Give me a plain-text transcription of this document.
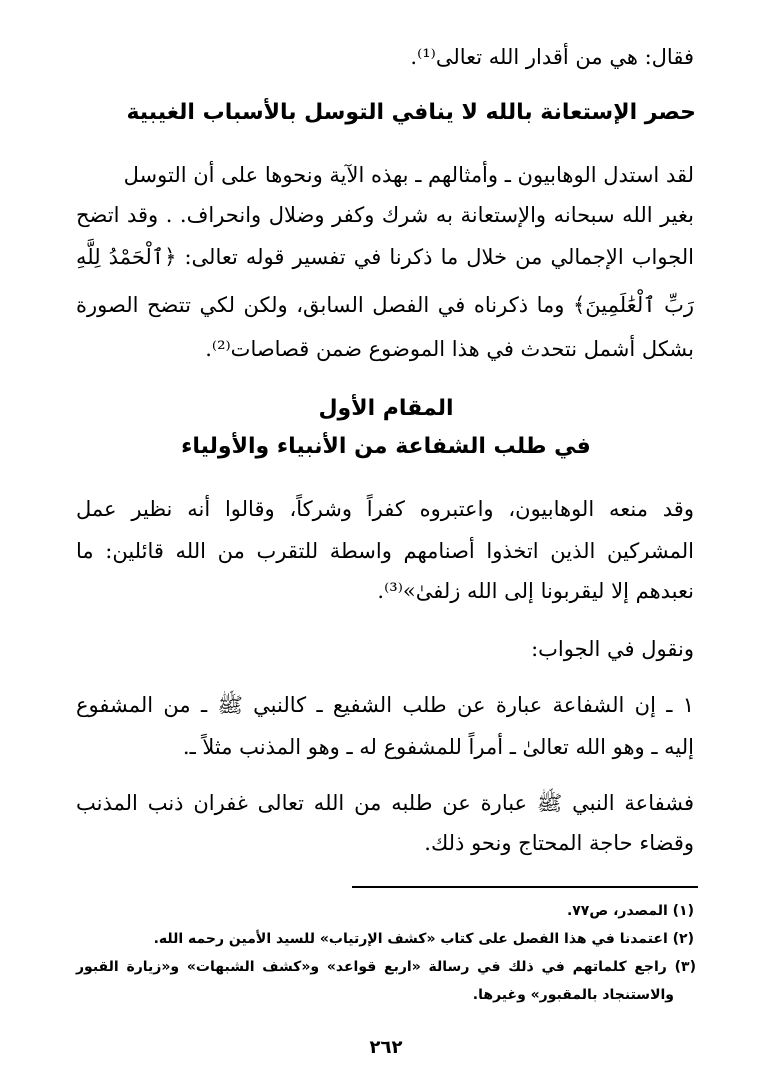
فقال: هي من أقدار الله تعالى⁽¹⁾.
حصر الإستعانة بالله لا ينافي التوسل بالأسباب الغيبية
لقد استدل الوهابيون ـ وأمثالهم ـ بهذه الآية ونحوها على أن التوسل
بغير الله سبحانه والإستعانة به شرك وكفر وضلال وانحراف. . وقد اتضح
الجواب الإجمالي من خلال ما ذكرنا في تفسير قوله تعالى: ﴿ٱلْحَمْدُ لِلَّهِ
رَبِّ ٱلْعَٰلَمِينَ﴾ وما ذكرناه في الفصل السابق، ولكن لكي تتضح الصورة
بشكل أشمل نتحدث في هذا الموضوع ضمن قصاصات⁽²⁾.
المقام الأول
في طلب الشفاعة من الأنبياء والأولياء
وقد منعه الوهابيون، واعتبروه كفراً وشركاً، وقالوا أنه نظير عمل
المشركين الذين اتخذوا أصنامهم واسطة للتقرب من الله قائلين: ما
نعبدهم إلا ليقربونا إلى الله زلفىٰ»⁽³⁾.
ونقول في الجواب:
١ ـ إن الشفاعة عبارة عن طلب الشفيع ـ كالنبي ﷺ ـ من المشفوع
إليه ـ وهو الله تعالىٰ ـ أمراً للمشفوع له ـ وهو المذنب مثلاً ـ.
فشفاعة النبي ﷺ عبارة عن طلبه من الله تعالى غفران ذنب المذنب
وقضاء حاجة المحتاج ونحو ذلك.
(١) المصدر، ص٧٧.
(٢) اعتمدنا في هذا الفصل على كتاب «كشف الإرتياب» للسيد الأمين رحمه الله.
(٣) راجع كلماتهم في ذلك في رسالة «اربع قواعد» و«كشف الشبهات» و«زيارة القبور
والاستنجاد بالمقبور» وغيرها.
٢٦٢
